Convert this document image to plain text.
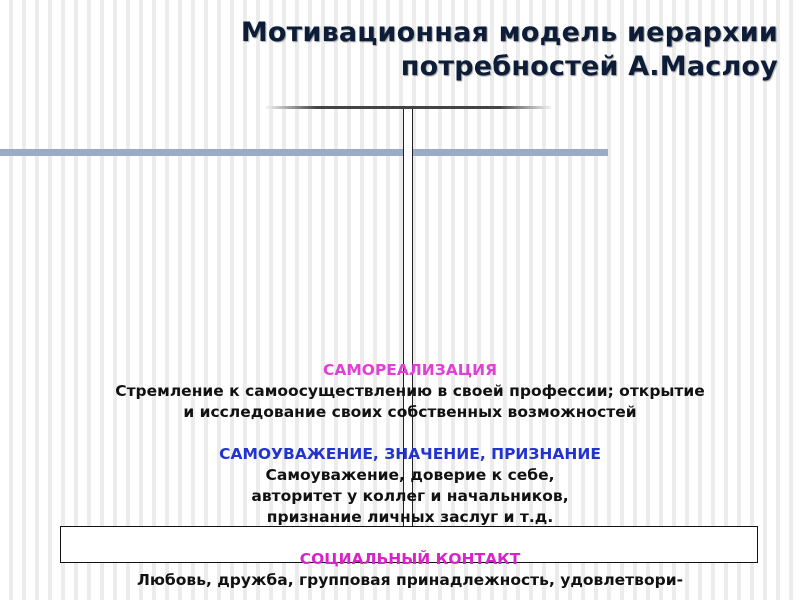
Мотивационная модель иерархии
потребностей А.Маслоу
САМОРЕАЛИЗАЦИЯ
Стремление к самоосуществлению в своей профессии; открытие
и исследование своих собственных возможностей
САМОУВАЖЕНИЕ, ЗНАЧЕНИЕ, ПРИЗНАНИЕ
Самоуважение, доверие к себе,
авторитет у коллег и начальников,
признание личных заслуг и т.д.
СОЦИАЛЬНЫЙ КОНТАКТ
Любовь, дружба, групповая принадлежность, удовлетвори-
